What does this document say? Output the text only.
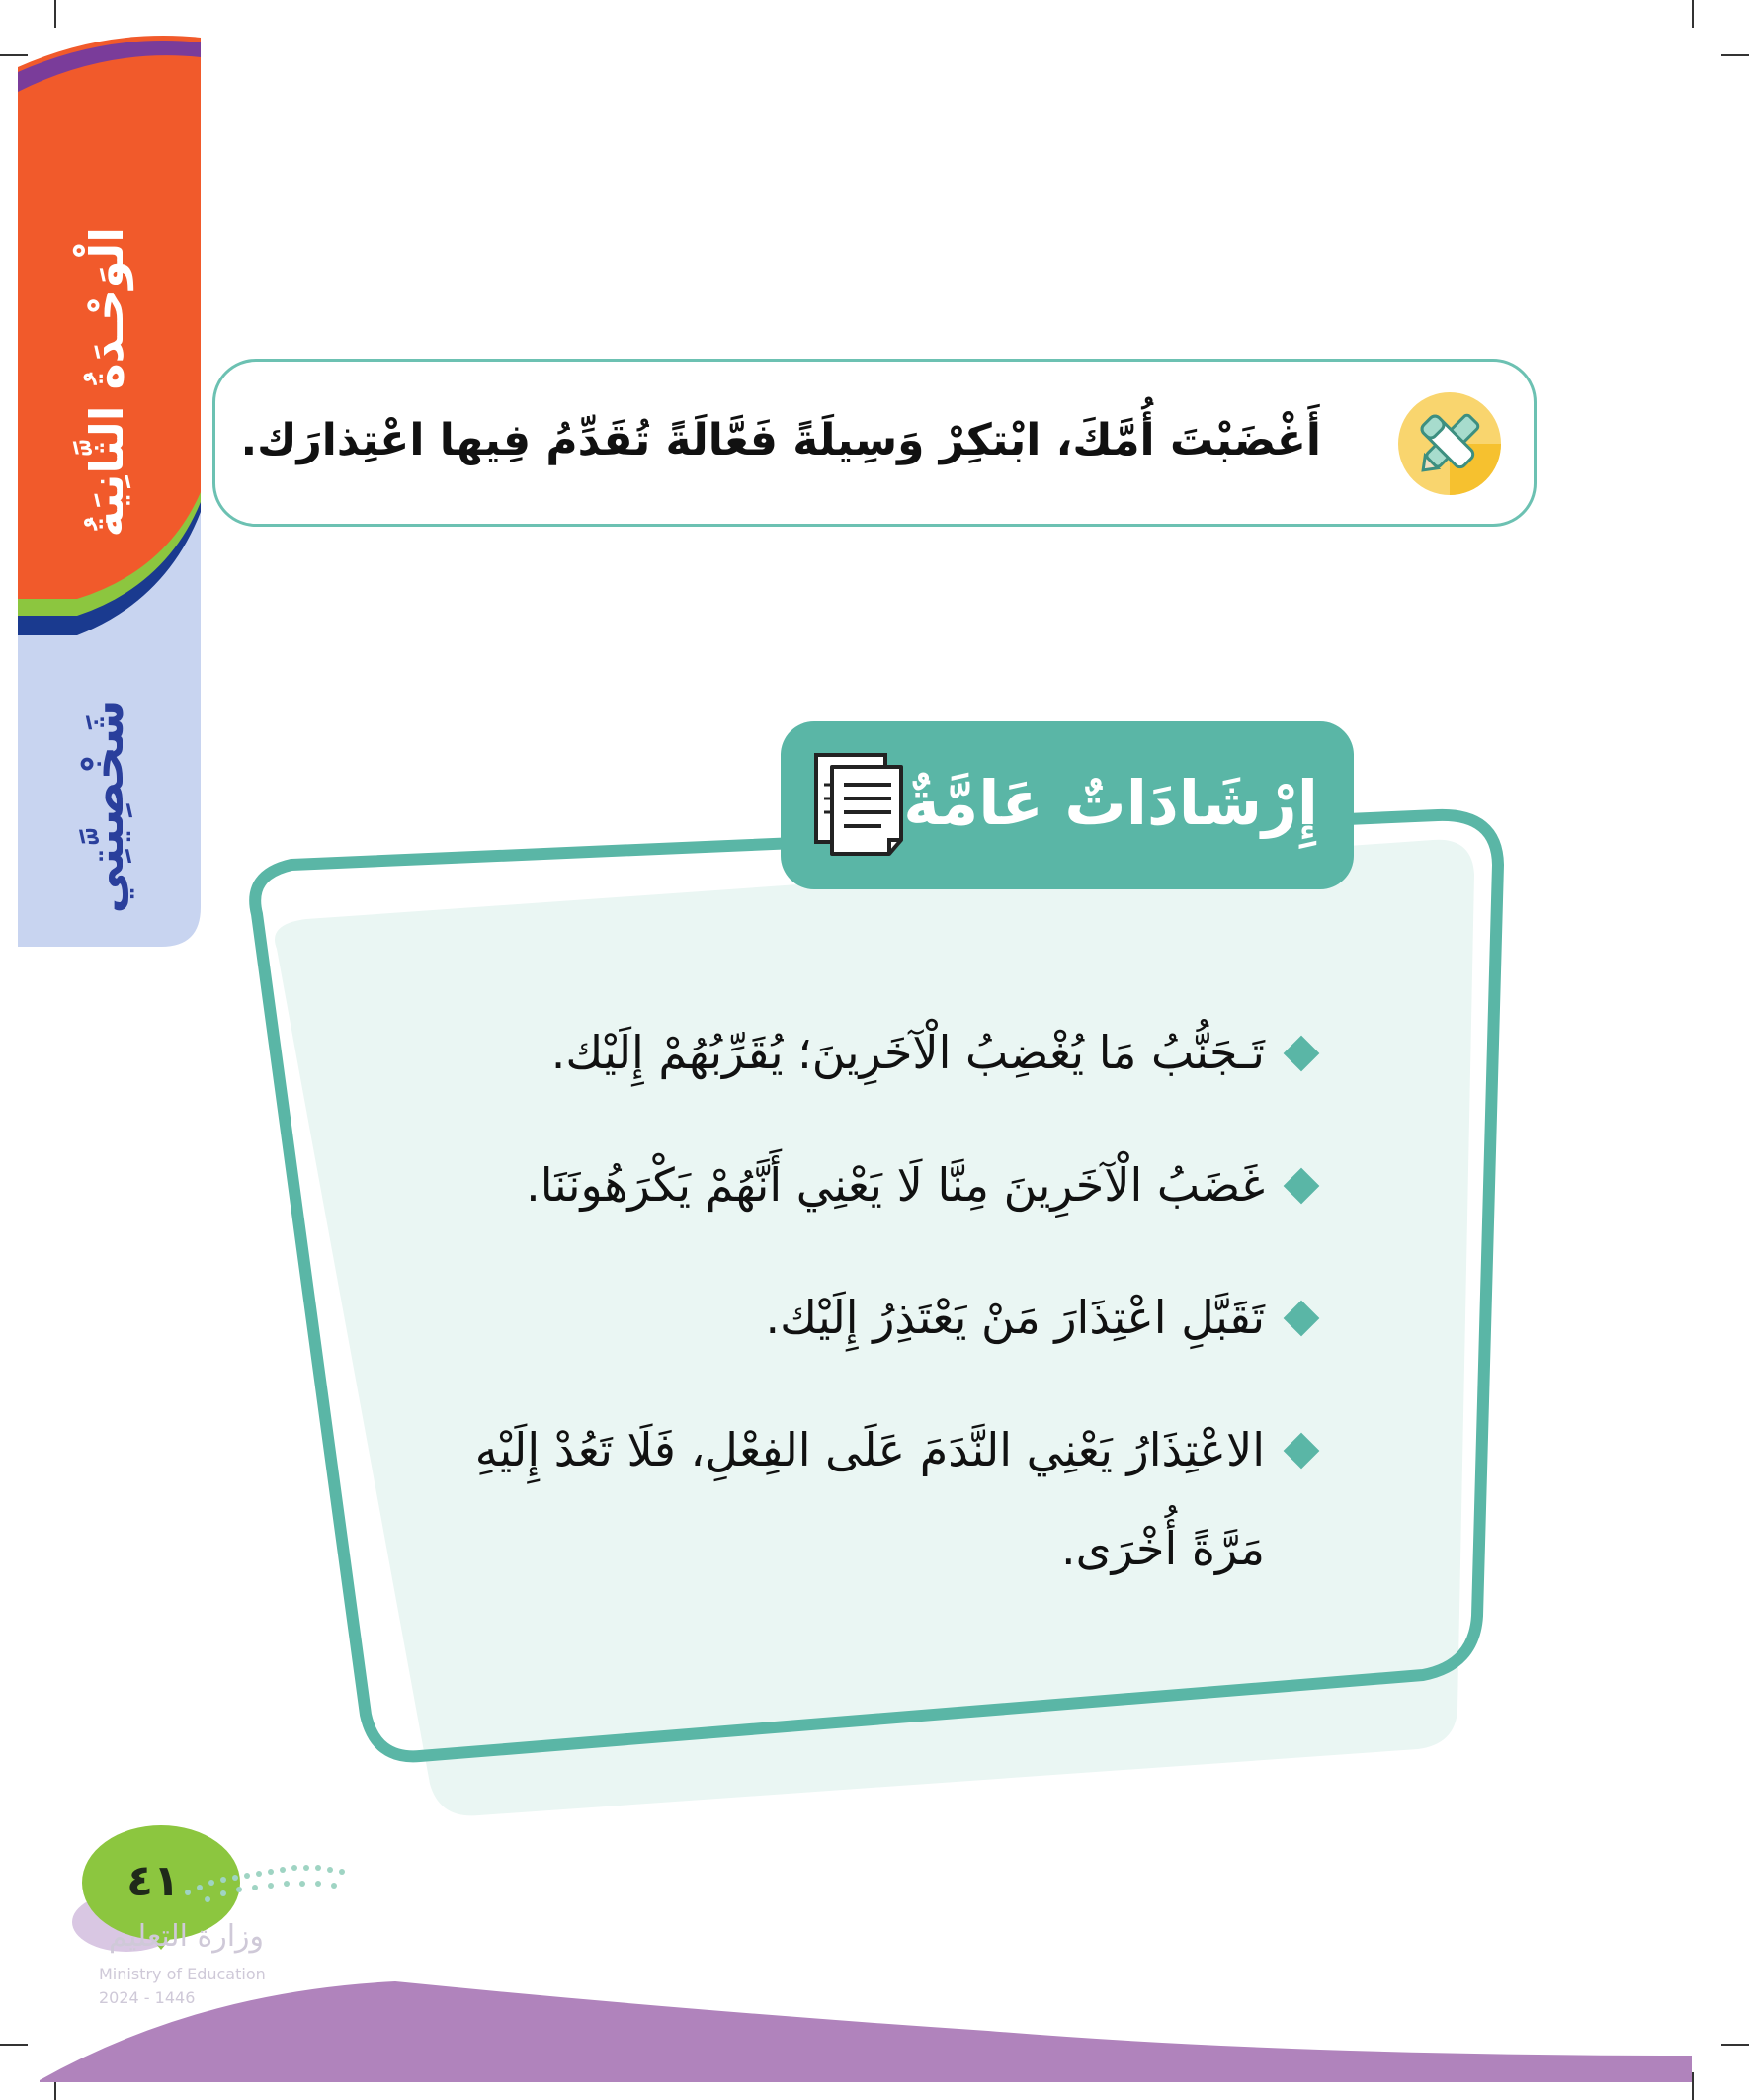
الْوَحْـدَةُ الثَّانِيَةُ
شَخْصِيَّتِي
أَغْضَبْتَ أُمَّكَ، ابْتكِرْ وَسِيلَةً فَعَّالَةً تُقَدِّمُ فِيها اعْتِذارَك.
إِرْشَادَاتٌ عَامَّةٌ
تَـجَنُّبُ مَا يُغْضِبُ الْآخَرِينَ؛ يُقَرِّبُهُمْ إِلَيْك.
غَضَبُ الْآخَرِينَ مِنَّا لَا يَعْنِي أَنَّهُمْ يَكْرَهُونَنَا.
تَقَبَّلِ اعْتِذَارَ مَنْ يَعْتَذِرُ إِلَيْك.
الاعْتِذَارُ يَعْنِي النَّدَمَ عَلَى الفِعْلِ، فَلَا تَعُدْ إِلَيْهِ مَرَّةً أُخْرَى.
٤١
وزارة التعليم
Ministry of Education
2024 - 1446
